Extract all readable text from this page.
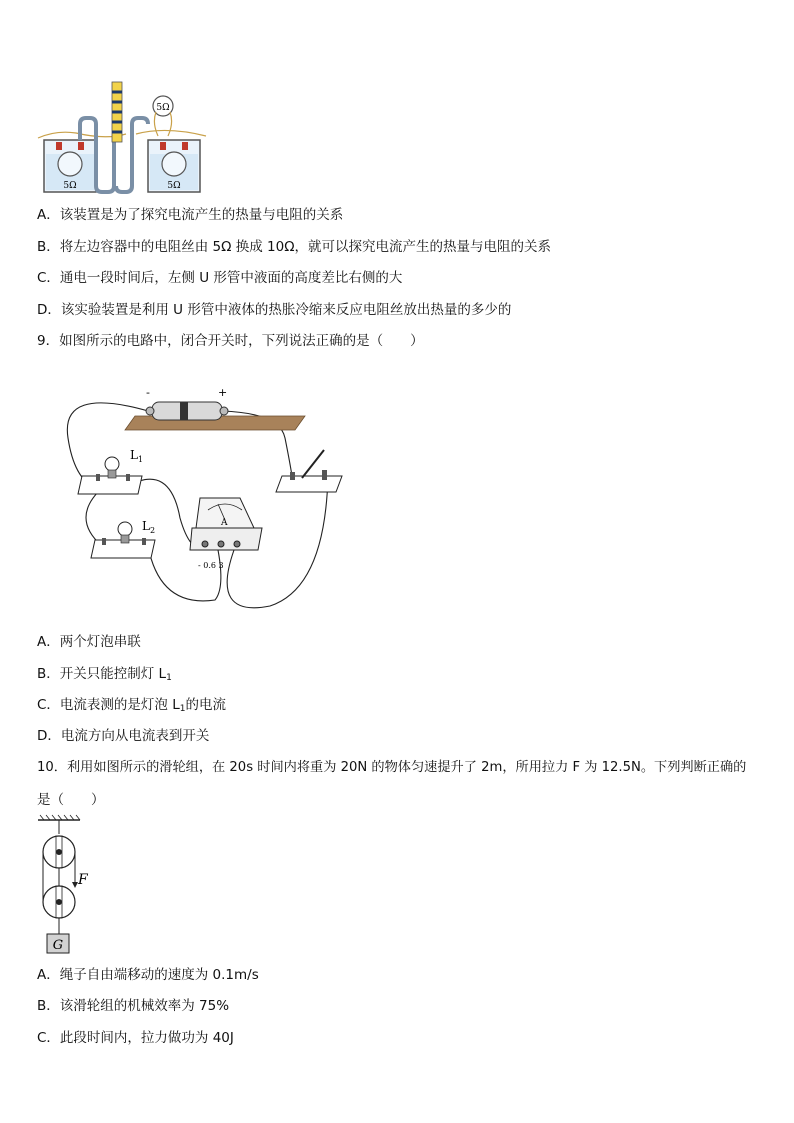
5Ω
5Ω	5Ω
A．该装置是为了探究电流产生的热量与电阻的关系
B．将左边容器中的电阻丝由 5Ω 换成 10Ω，就可以探究电流产生的热量与电阻的关系
C．通电一段时间后，左侧 U 形管中液面的高度差比右侧的大
D．该实验装置是利用 U 形管中液体的热胀冷缩来反应电阻丝放出热量的多少的
9．如图所示的电路中，闭合开关时，下列说法正确的是（　　）
-	+
$L_1$
$L_2$
A
- 0.6 3
A．两个灯泡串联
B．开关只能控制灯 $L_1$
C．电流表测的是灯泡 $L_1$的电流
D．电流方向从电流表到开关
10．利用如图所示的滑轮组，在 20s 时间内将重为 20N 的物体匀速提升了 2m，所用拉力 F 为 12.5N。下列判断正确的
是（　　）
F
G
A．绳子自由端移动的速度为 0.1m/s
B．该滑轮组的机械效率为 75%
C．此段时间内，拉力做功为 40J
